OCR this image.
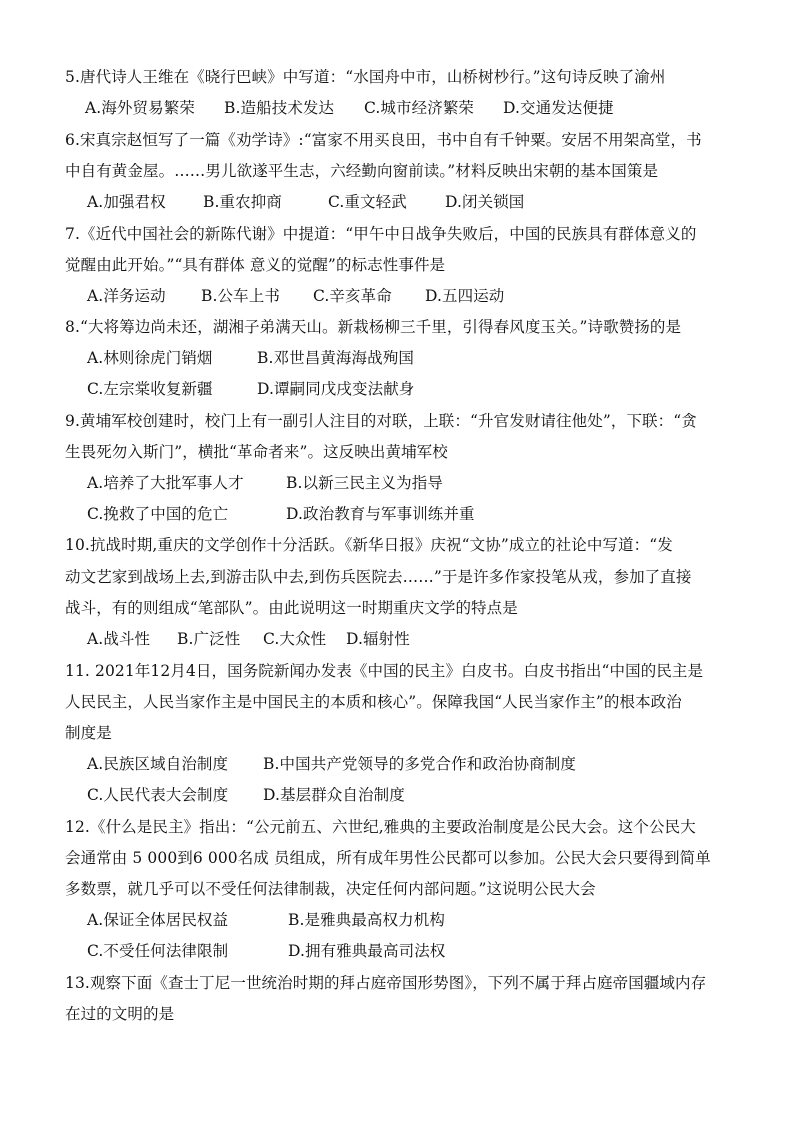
5.唐代诗人王维在《晓行巴峡》中写道：“水国舟中市，山桥树杪行。”这句诗反映了渝州
A.海外贸易繁荣 B.造船技术发达 C.城市经济繁荣 D.交通发达便捷
6.宋真宗赵恒写了一篇《劝学诗》:“富家不用买良田，书中自有千钟粟。安居不用架高堂，书
中自有黄金屋。……男儿欲遂平生志，六经勤向窗前读。”材料反映出宋朝的基本国策是
A.加强君权 B.重农抑商	C.重文轻武 D.闭关锁国
7.《近代中国社会的新陈代谢》中提道：“甲午中日战争失败后，中国的民族具有群体意义的
觉醒由此开始。”“具有群体 意义的觉醒”的标志性事件是
A.洋务运动 B.公车上书 C.辛亥革命 D.五四运动
8.“大将筹边尚未还，湖湘子弟满天山。新栽杨柳三千里，引得春风度玉关。”诗歌赞扬的是
A.林则徐虎门销烟	B.邓世昌黄海海战殉国
C.左宗棠收复新疆	D.谭嗣同戊戌变法献身
9.黄埔军校创建时，校门上有一副引人注目的对联，上联：“升官发财请往他处”，下联：“贪
生畏死勿入斯门”，横批“革命者来”。这反映出黄埔军校
A.培养了大批军事人才	B.以新三民主义为指导
C.挽救了中国的危亡	D.政治教育与军事训练并重
10.抗战时期,重庆的文学创作十分活跃。《新华日报》庆祝“文协”成立的社论中写道：“发
动文艺家到战场上去,到游击队中去,到伤兵医院去……”于是许多作家投笔从戎，参加了直接
战斗，有的则组成“笔部队”。由此说明这一时期重庆文学的特点是
A.战斗性 B.广泛性 C.大众性 D.辐射性
11. 2021年12月4日，国务院新闻办发表《中国的民主》白皮书。白皮书指出“中国的民主是
人民民主，人民当家作主是中国民主的本质和核心”。保障我国“人民当家作主”的根本政治
制度是
A.民族区域自治制度 B.中国共产党领导的多党合作和政治协商制度
C.人民代表大会制度 D.基层群众自治制度
12.《什么是民主》指出：“公元前五、六世纪,雅典的主要政治制度是公民大会。这个公民大
会通常由 5 000到6 000名成 员组成，所有成年男性公民都可以参加。公民大会只要得到简单
多数票，就几乎可以不受任何法律制裁，决定任何内部问题。”这说明公民大会
A.保证全体居民权益	B.是雅典最高权力机构
C.不受任何法律限制	D.拥有雅典最高司法权
13.观察下面《查士丁尼一世统治时期的拜占庭帝国形势图》，下列不属于拜占庭帝国疆域内存
在过的文明的是
